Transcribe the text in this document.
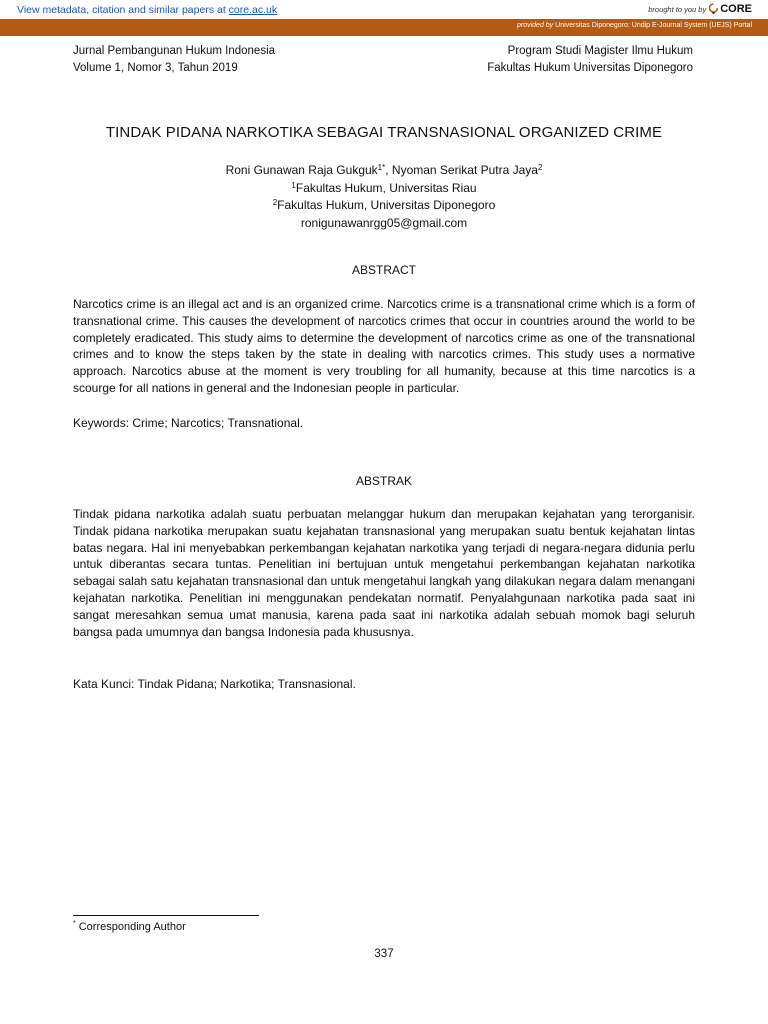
View metadata, citation and similar papers at core.ac.uk	brought to you by CORE
provided by Universitas Diponegoro: Undip E-Journal System (UEJS) Portal
Jurnal Pembangunan Hukum Indonesia
Volume 1, Nomor 3, Tahun 2019
Program Studi Magister Ilmu Hukum
Fakultas Hukum Universitas Diponegoro
TINDAK PIDANA NARKOTIKA SEBAGAI TRANSNASIONAL ORGANIZED CRIME
Roni Gunawan Raja Gukguk$^{1*}$, Nyoman Serikat Putra Jaya$^2$
$^1$Fakultas Hukum, Universitas Riau
$^2$Fakultas Hukum, Universitas Diponegoro
ronigunawanrgg05@gmail.com
ABSTRACT

Narcotics crime is an illegal act and is an organized crime. Narcotics crime is a transnational crime which is a form of transnational crime. This causes the development of narcotics crimes that occur in countries around the world to be completely eradicated. This study aims to determine the development of narcotics crime as one of the transnational crimes and to know the steps taken by the state in dealing with narcotics crimes. This study uses a normative approach. Narcotics abuse at the moment is very troubling for all humanity, because at this time narcotics is a scourge for all nations in general and the Indonesian people in particular.

Keywords: Crime; Narcotics; Transnational.

ABSTRAK

Tindak pidana narkotika adalah suatu perbuatan melanggar hukum dan merupakan kejahatan yang terorganisir. Tindak pidana narkotika merupakan suatu kejahatan transnasional yang merupakan suatu bentuk kejahatan lintas batas negara. Hal ini menyebabkan perkembangan kejahatan narkotika yang terjadi di negara-negara didunia perlu untuk diberantas secara tuntas. Penelitian ini bertujuan untuk mengetahui perkembangan kejahatan narkotika sebagai salah satu kejahatan transnasional dan untuk mengetahui langkah yang dilakukan negara dalam menangani kejahatan narkotika. Penelitian ini menggunakan pendekatan normatif. Penyalahgunaan narkotika pada saat ini sangat meresahkan semua umat manusia, karena pada saat ini narkotika adalah sebuah momok bagi seluruh bangsa pada umumnya dan bangsa Indonesia pada khususnya.

Kata Kunci: Tindak Pidana; Narkotika; Transnasional.

* Corresponding Author
337
